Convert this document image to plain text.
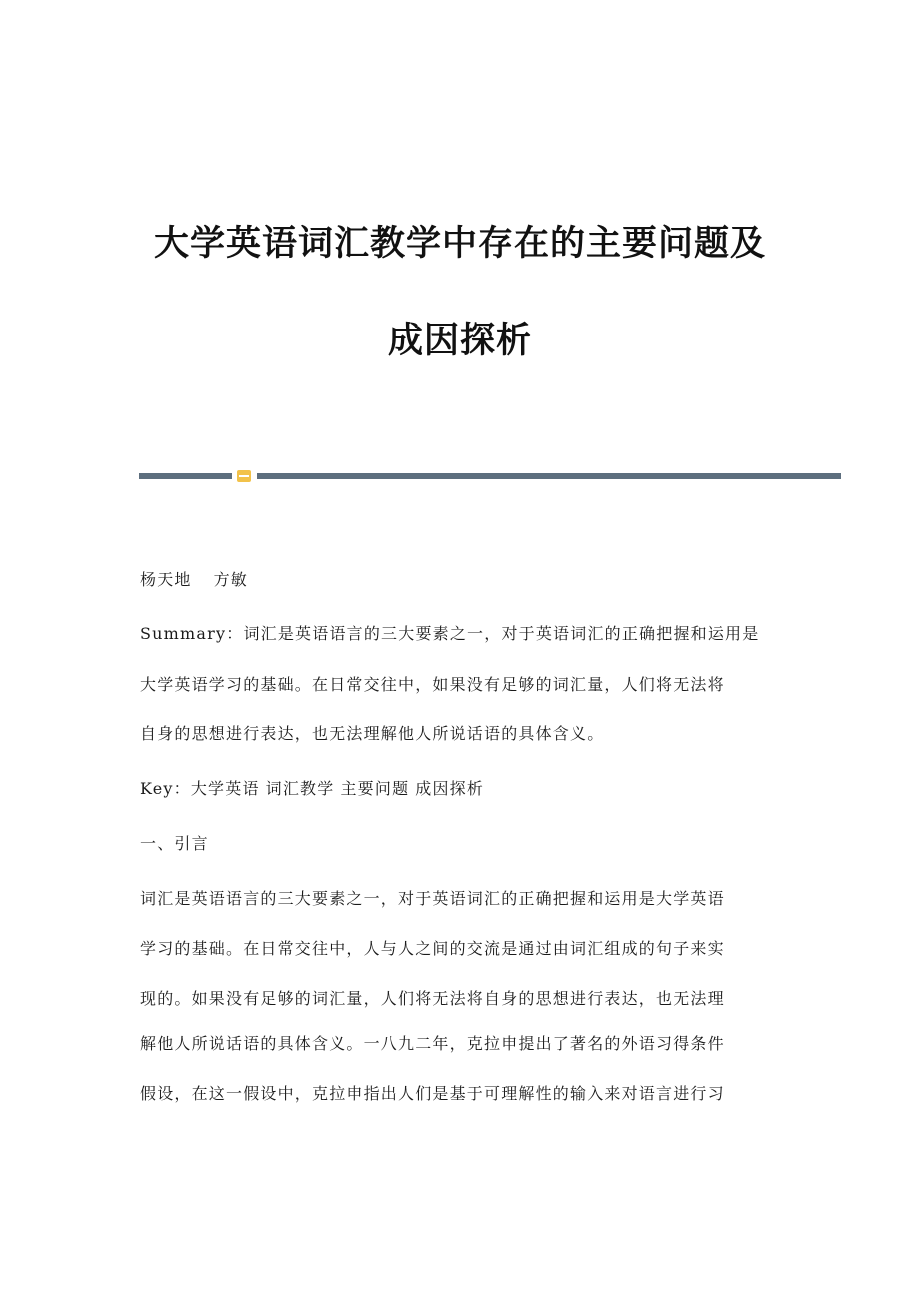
大学英语词汇教学中存在的主要问题及
成因探析
杨天地 方敏
Summary：词汇是英语语言的三大要素之一，对于英语词汇的正确把握和运用是
大学英语学习的基础。在日常交往中，如果没有足够的词汇量，人们将无法将
自身的思想进行表达，也无法理解他人所说话语的具体含义。
Key：大学英语 词汇教学 主要问题 成因探析
一、引言
词汇是英语语言的三大要素之一，对于英语词汇的正确把握和运用是大学英语
学习的基础。在日常交往中，人与人之间的交流是通过由词汇组成的句子来实
现的。如果没有足够的词汇量，人们将无法将自身的思想进行表达，也无法理
解他人所说话语的具体含义。一八九二年，克拉申提出了著名的外语习得条件
假设，在这一假设中，克拉申指出人们是基于可理解性的输入来对语言进行习
